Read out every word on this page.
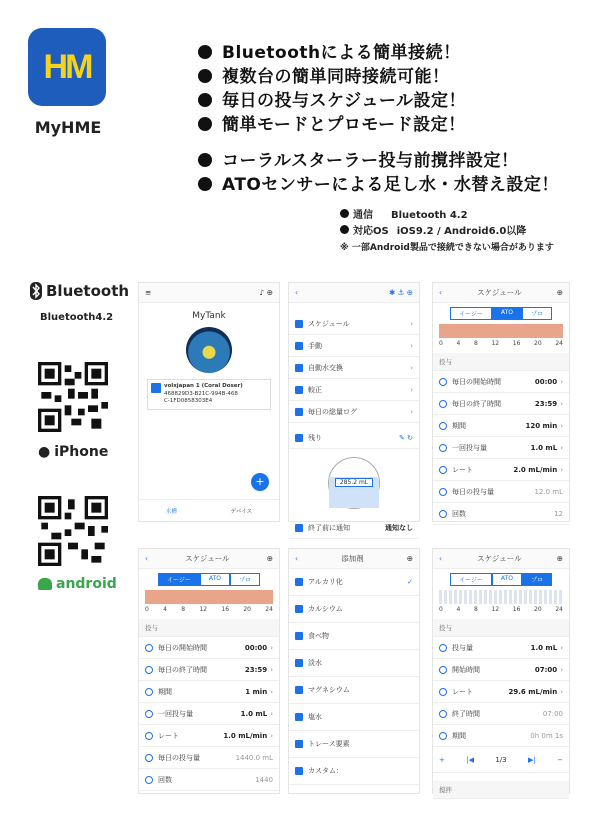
HM
MyHME
Bluetoothによる簡単接続！
複数台の簡単同時接続可能！
毎日の投与スケジュール設定！
簡単モードとプロモード設定！
コーラルスターラー投与前撹拌設定！
ATOセンサーによる足し水・水替え設定！
通信 Bluetooth 4.2
対応OS iOS9.2 / Android6.0以降
※ 一部Android製品で接続できない場合があります
Bluetooth
Bluetooth4.2
● iPhone
android
≡	♪ ⊕
MyTank
volxjapan 1 (Coral Doser)
468829D3-B21C-994B-468
C-1FD0858303E4
+
水槽	デバイス
‹	✱ ⚓ ⊕
スケジュール	›
手動	›
自動水交換	›
較正	›
毎日の総量ログ	›
残り	✎ ↻
285.2 mL
終了前に通知	通知なし
‹	スケジュール	⊕
イージー	ATO	プロ
0 4 8 12 16 20 24
投与
毎日の開始時間	00:00 ›
毎日の終了時間	23:59 ›
期間	120 min ›
一回投与量	1.0 mL ›
レート	2.0 mL/min ›
毎日の投与量	12.0 mL
回数	12
‹	スケジュール	⊕
イージー	ATO	プロ
0 4 8 12 16 20 24
投与
毎日の開始時間	00:00 ›
毎日の終了時間	23:59 ›
期間	1 min ›
一回投与量	1.0 mL ›
レート	1.0 mL/min ›
毎日の投与量	1440.0 mL
回数	1440
‹	添加剤	⊕
アルカリ化	✓
カルシウム
食べ物
淡水
マグネシウム
塩水
トレース要素
カスタム：
‹	スケジュール	⊕
イージー	ATO	プロ
0 4 8 12 16 20 24
投与
投与量	1.0 mL ›
開始時間	07:00 ›
レート	29.6 mL/min ›
終了時間	07:00
期間	0h 0m 1s
+	|◀	1/3	▶|	−
撹拌
